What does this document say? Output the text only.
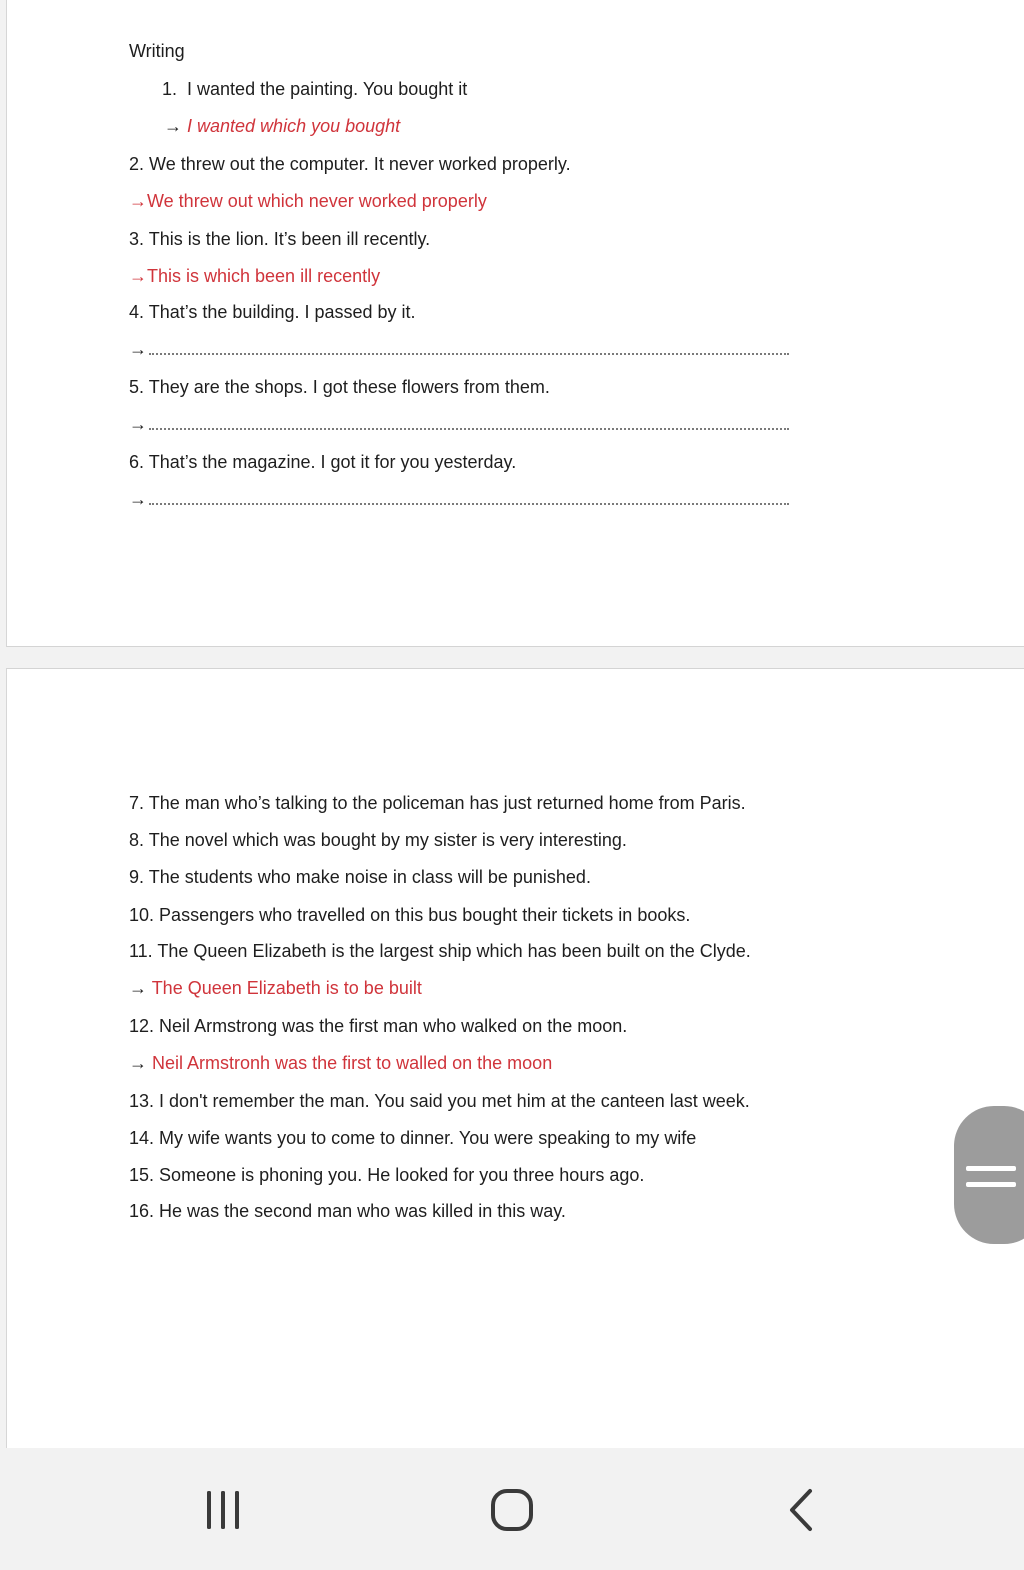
Writing
1. I wanted the painting. You bought it
→ I wanted which you bought
2. We threw out the computer. It never worked properly.
→We threw out which never worked properly
3. This is the lion. It’s been ill recently.
→This is which been ill recently
4. That’s the building. I passed by it.
→
5. They are the shops. I got these flowers from them.
→
6. That’s the magazine. I got it for you yesterday.
→
7. The man who’s talking to the policeman has just returned home from Paris.
8. The novel which was bought by my sister is very interesting.
9. The students who make noise in class will be punished.
10. Passengers who travelled on this bus bought their tickets in books.
11. The Queen Elizabeth is the largest ship which has been built on the Clyde.
→ The Queen Elizabeth is to be built
12. Neil Armstrong was the first man who walked on the moon.
→ Neil Armstronh was the first to walled on the moon
13. I don't remember the man. You said you met him at the canteen last week.
14. My wife wants you to come to dinner. You were speaking to my wife
15. Someone is phoning you. He looked for you three hours ago.
16. He was the second man who was killed in this way.
